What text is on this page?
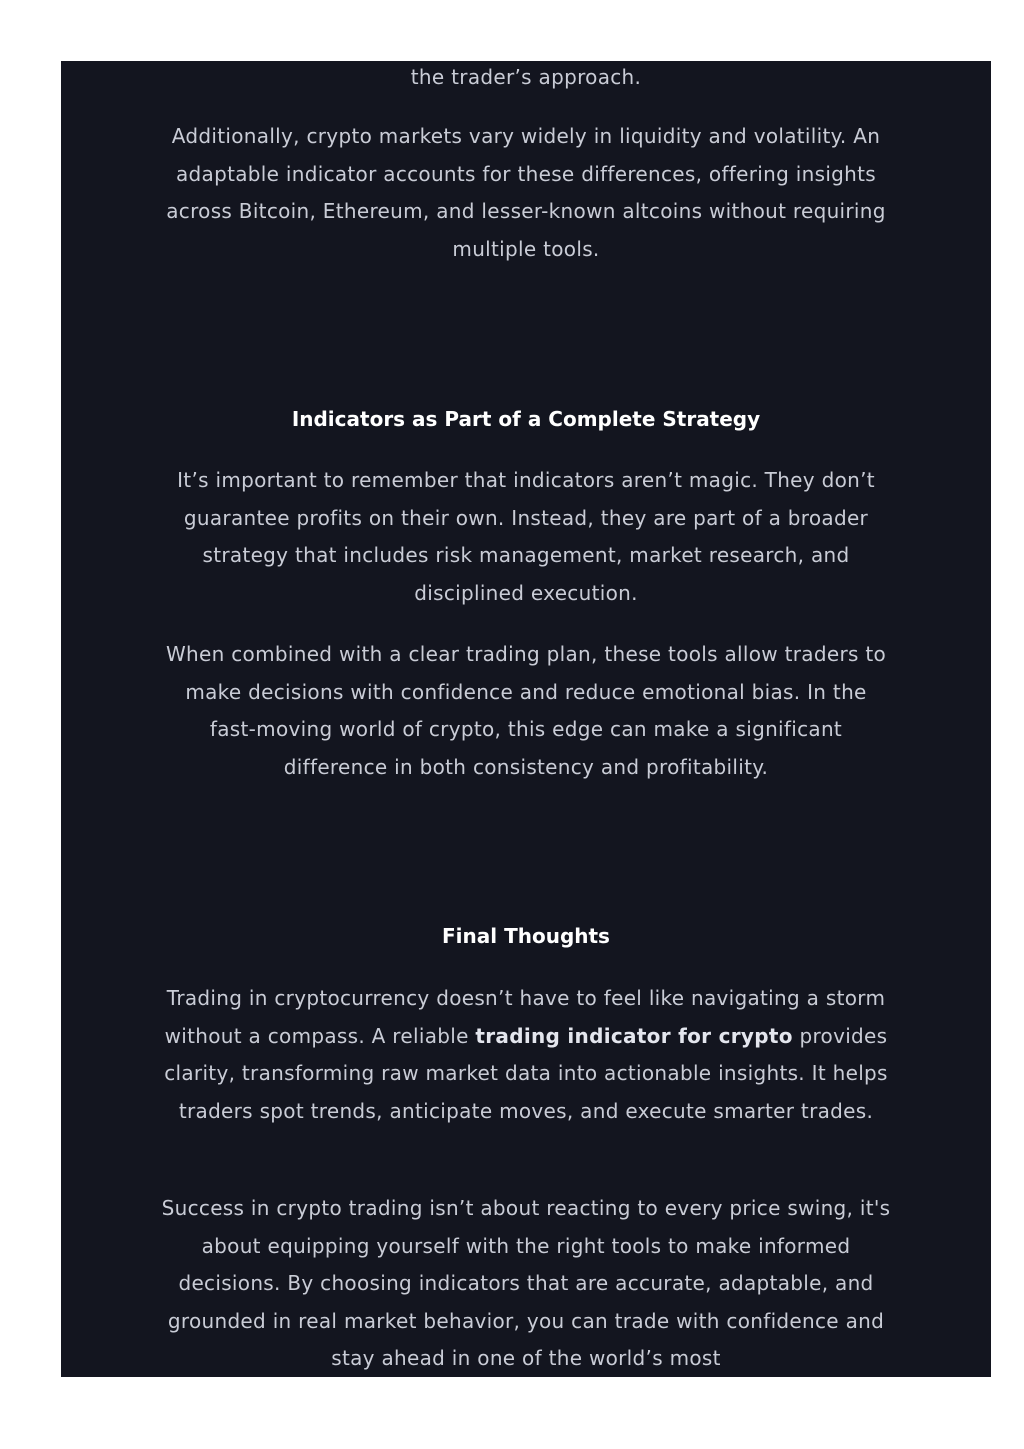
the trader’s approach.

Additionally, crypto markets vary widely in liquidity and volatility. An adaptable indicator accounts for these differences, offering insights across Bitcoin, Ethereum, and lesser-known altcoins without requiring multiple tools.

Indicators as Part of a Complete Strategy

It’s important to remember that indicators aren’t magic. They don’t guarantee profits on their own. Instead, they are part of a broader strategy that includes risk management, market research, and disciplined execution.

When combined with a clear trading plan, these tools allow traders to make decisions with confidence and reduce emotional bias. In the fast-moving world of crypto, this edge can make a significant difference in both consistency and profitability.

Final Thoughts

Trading in cryptocurrency doesn’t have to feel like navigating a storm without a compass. A reliable trading indicator for crypto provides clarity, transforming raw market data into actionable insights. It helps traders spot trends, anticipate moves, and execute smarter trades.

Success in crypto trading isn’t about reacting to every price swing, it's about equipping yourself with the right tools to make informed decisions. By choosing indicators that are accurate, adaptable, and grounded in real market behavior, you can trade with confidence and stay ahead in one of the world’s most
